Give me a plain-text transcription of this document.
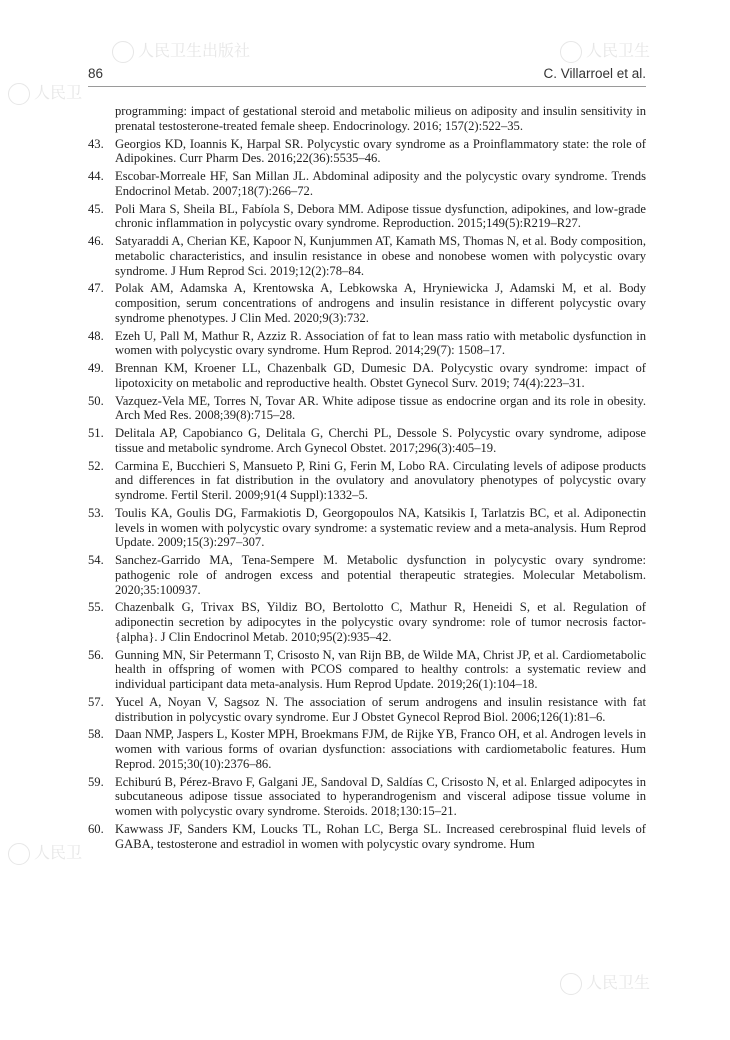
人民卫生出版社	人民卫生
人民卫
人民卫
人民卫生
86	C. Villarroel et al.
programming: impact of gestational steroid and metabolic milieus on adiposity and insulin sensitivity in prenatal testosterone-treated female sheep. Endocrinology. 2016; 157(2):522–35.
43. Georgios KD, Ioannis K, Harpal SR. Polycystic ovary syndrome as a Proinflammatory state: the role of Adipokines. Curr Pharm Des. 2016;22(36):5535–46.
44. Escobar-Morreale HF, San Millan JL. Abdominal adiposity and the polycystic ovary syndrome. Trends Endocrinol Metab. 2007;18(7):266–72.
45. Poli Mara S, Sheila BL, Fabíola S, Debora MM. Adipose tissue dysfunction, adipokines, and low-grade chronic inflammation in polycystic ovary syndrome. Reproduction. 2015;149(5):R219–R27.
46. Satyaraddi A, Cherian KE, Kapoor N, Kunjummen AT, Kamath MS, Thomas N, et al. Body composition, metabolic characteristics, and insulin resistance in obese and nonobese women with polycystic ovary syndrome. J Hum Reprod Sci. 2019;12(2):78–84.
47. Polak AM, Adamska A, Krentowska A, Lebkowska A, Hryniewicka J, Adamski M, et al. Body composition, serum concentrations of androgens and insulin resistance in different polycystic ovary syndrome phenotypes. J Clin Med. 2020;9(3):732.
48. Ezeh U, Pall M, Mathur R, Azziz R. Association of fat to lean mass ratio with metabolic dysfunction in women with polycystic ovary syndrome. Hum Reprod. 2014;29(7): 1508–17.
49. Brennan KM, Kroener LL, Chazenbalk GD, Dumesic DA. Polycystic ovary syndrome: impact of lipotoxicity on metabolic and reproductive health. Obstet Gynecol Surv. 2019; 74(4):223–31.
50. Vazquez-Vela ME, Torres N, Tovar AR. White adipose tissue as endocrine organ and its role in obesity. Arch Med Res. 2008;39(8):715–28.
51. Delitala AP, Capobianco G, Delitala G, Cherchi PL, Dessole S. Polycystic ovary syndrome, adipose tissue and metabolic syndrome. Arch Gynecol Obstet. 2017;296(3):405–19.
52. Carmina E, Bucchieri S, Mansueto P, Rini G, Ferin M, Lobo RA. Circulating levels of adipose products and differences in fat distribution in the ovulatory and anovulatory phenotypes of polycystic ovary syndrome. Fertil Steril. 2009;91(4 Suppl):1332–5.
53. Toulis KA, Goulis DG, Farmakiotis D, Georgopoulos NA, Katsikis I, Tarlatzis BC, et al. Adiponectin levels in women with polycystic ovary syndrome: a systematic review and a meta-analysis. Hum Reprod Update. 2009;15(3):297–307.
54. Sanchez-Garrido MA, Tena-Sempere M. Metabolic dysfunction in polycystic ovary syndrome: pathogenic role of androgen excess and potential therapeutic strategies. Molecular Metabolism. 2020;35:100937.
55. Chazenbalk G, Trivax BS, Yildiz BO, Bertolotto C, Mathur R, Heneidi S, et al. Regulation of adiponectin secretion by adipocytes in the polycystic ovary syndrome: role of tumor necrosis factor-{alpha}. J Clin Endocrinol Metab. 2010;95(2):935–42.
56. Gunning MN, Sir Petermann T, Crisosto N, van Rijn BB, de Wilde MA, Christ JP, et al. Cardiometabolic health in offspring of women with PCOS compared to healthy controls: a systematic review and individual participant data meta-analysis. Hum Reprod Update. 2019;26(1):104–18.
57. Yucel A, Noyan V, Sagsoz N. The association of serum androgens and insulin resistance with fat distribution in polycystic ovary syndrome. Eur J Obstet Gynecol Reprod Biol. 2006;126(1):81–6.
58. Daan NMP, Jaspers L, Koster MPH, Broekmans FJM, de Rijke YB, Franco OH, et al. Androgen levels in women with various forms of ovarian dysfunction: associations with cardiometabolic features. Hum Reprod. 2015;30(10):2376–86.
59. Echiburú B, Pérez-Bravo F, Galgani JE, Sandoval D, Saldías C, Crisosto N, et al. Enlarged adipocytes in subcutaneous adipose tissue associated to hyperandrogenism and visceral adipose tissue volume in women with polycystic ovary syndrome. Steroids. 2018;130:15–21.
60. Kawwass JF, Sanders KM, Loucks TL, Rohan LC, Berga SL. Increased cerebrospinal fluid levels of GABA, testosterone and estradiol in women with polycystic ovary syndrome. Hum
